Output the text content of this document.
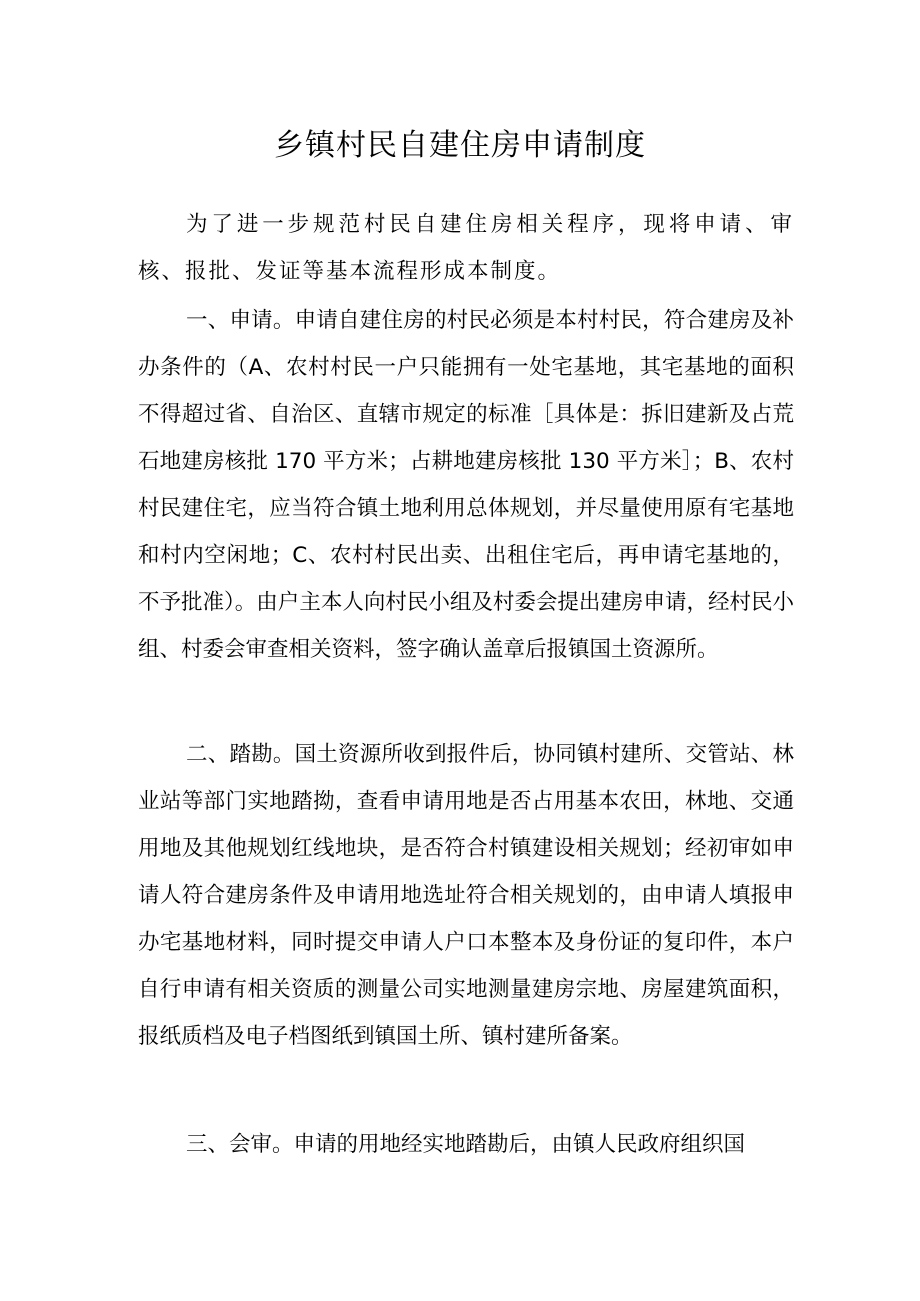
乡镇村民自建住房申请制度

为了进一步规范村民自建住房相关程序，现将申请、审核、报批、发证等基本流程形成本制度。

一、申请。申请自建住房的村民必须是本村村民，符合建房及补办条件的（A、农村村民一户只能拥有一处宅基地，其宅基地的面积不得超过省、自治区、直辖市规定的标准［具体是：拆旧建新及占荒石地建房核批 170 平方米；占耕地建房核批 130 平方米］；B、农村村民建住宅，应当符合镇土地利用总体规划，并尽量使用原有宅基地和村内空闲地；C、农村村民出卖、出租住宅后，再申请宅基地的，不予批准）。由户主本人向村民小组及村委会提出建房申请，经村民小组、村委会审查相关资料，签字确认盖章后报镇国土资源所。

二、踏勘。国土资源所收到报件后，协同镇村建所、交管站、林业站等部门实地踏拗，查看申请用地是否占用基本农田，林地、交通用地及其他规划红线地块，是否符合村镇建设相关规划；经初审如申请人符合建房条件及申请用地选址符合相关规划的，由申请人填报申办宅基地材料，同时提交申请人户口本整本及身份证的复印件，本户自行申请有相关资质的测量公司实地测量建房宗地、房屋建筑面积，报纸质档及电子档图纸到镇国土所、镇村建所备案。

三、会审。申请的用地经实地踏勘后，由镇人民政府组织国
